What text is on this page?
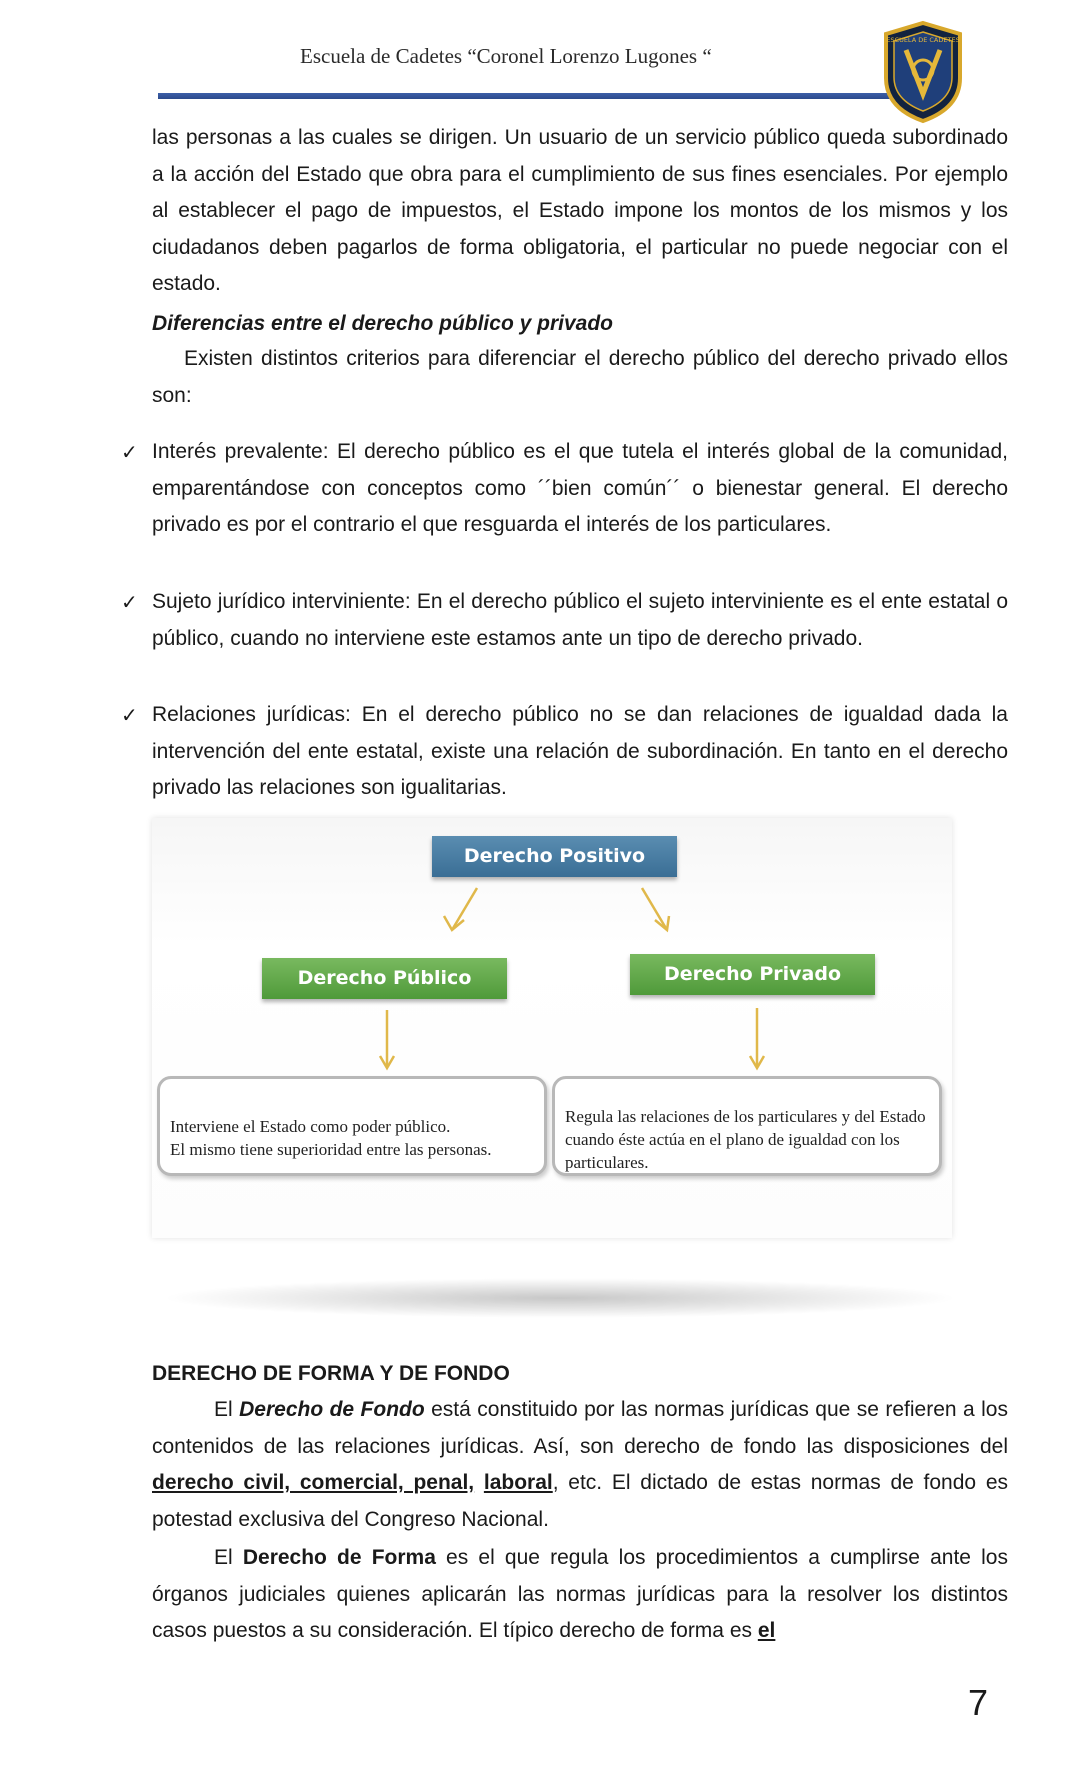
Escuela de Cadetes “Coronel Lorenzo Lugones “
ESCUELA DE CADETES
las personas a las cuales se dirigen. Un usuario de un servicio público queda subordinado a la acción del Estado que obra para el cumplimiento de sus fines esenciales. Por ejemplo al establecer el pago de impuestos, el Estado impone los montos de los mismos y los ciudadanos deben pagarlos de forma obligatoria, el particular no puede negociar con el estado.
Diferencias entre el derecho público y privado
Existen distintos criterios para diferenciar el derecho público del derecho privado ellos son:
✓ Interés prevalente: El derecho público es el que tutela el interés global de la comunidad, emparentándose con conceptos como ´´bien común´´ o bienestar general. El derecho privado es por el contrario el que resguarda el interés de los particulares.
✓ Sujeto jurídico interviniente: En el derecho público el sujeto interviniente es el ente estatal o público, cuando no interviene este estamos ante un tipo de derecho privado.
✓ Relaciones jurídicas: En el derecho público no se dan relaciones de igualdad dada la intervención del ente estatal, existe una relación de subordinación. En tanto en el derecho privado las relaciones son igualitarias.
Derecho Positivo
Derecho Público	Derecho Privado
Interviene el Estado como poder público.
El mismo tiene superioridad entre las personas.
Regula las relaciones de los particulares y del Estado cuando éste actúa en el plano de igualdad con los particulares.
DERECHO DE FORMA Y DE FONDO
El Derecho de Fondo está constituido por las normas jurídicas que se refieren a los contenidos de las relaciones jurídicas. Así, son derecho de fondo las disposiciones del derecho civil, comercial, penal, laboral, etc. El dictado de estas normas de fondo es potestad exclusiva del Congreso Nacional.
El Derecho de Forma es el que regula los procedimientos a cumplirse ante los órganos judiciales quienes aplicarán las normas jurídicas para la resolver los distintos casos puestos a su consideración. El típico derecho de forma es el
7
